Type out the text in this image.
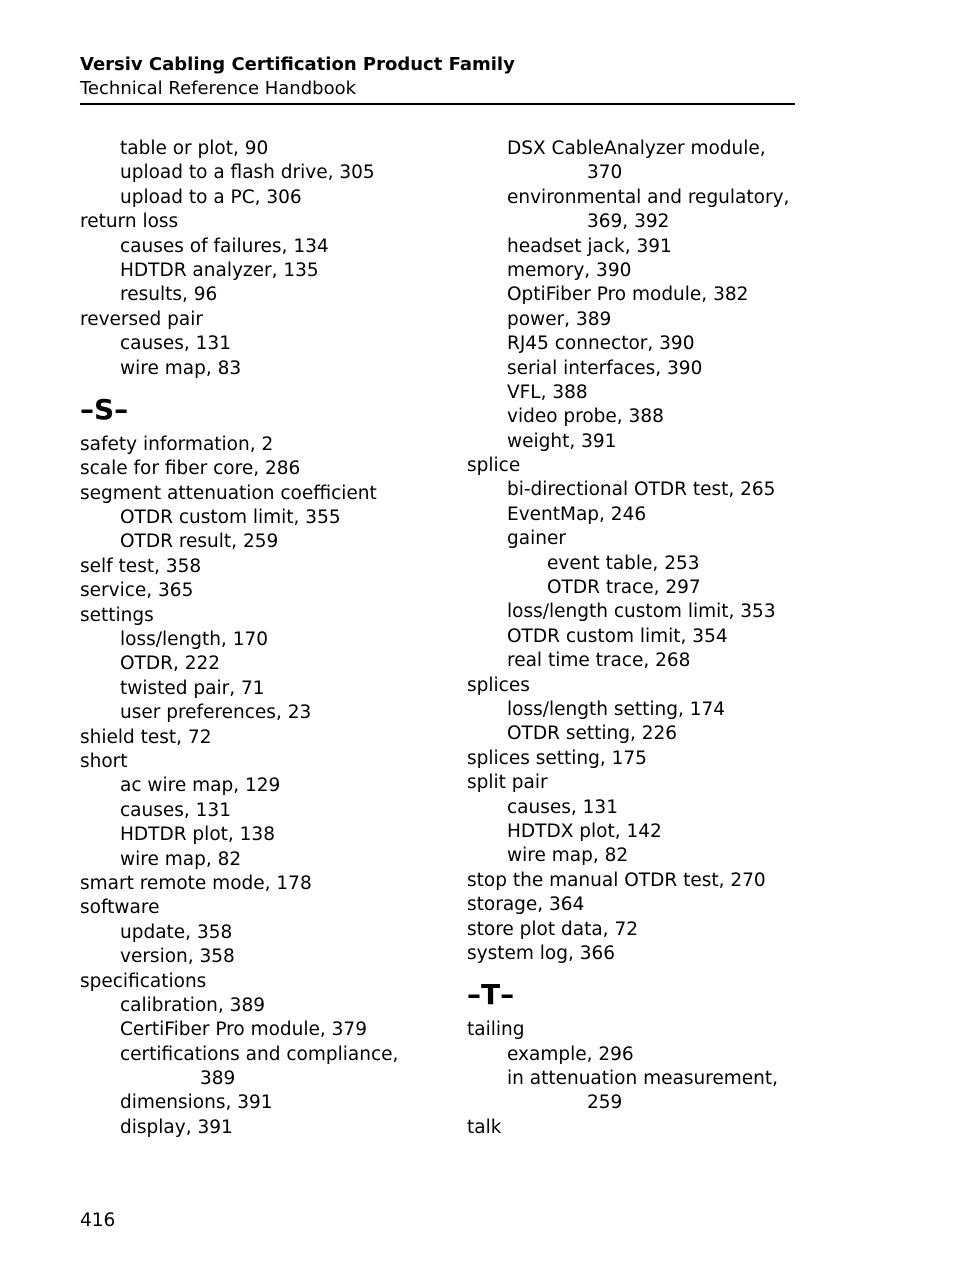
Versiv Cabling Certification Product Family
Technical Reference Handbook
table or plot, 90
upload to a flash drive, 305
upload to a PC, 306
return loss
causes of failures, 134
HDTDR analyzer, 135
results, 96
reversed pair
causes, 131
wire map, 83
–S–
safety information, 2
scale for fiber core, 286
segment attenuation coefficient
OTDR custom limit, 355
OTDR result, 259
self test, 358
service, 365
settings
loss/length, 170
OTDR, 222
twisted pair, 71
user preferences, 23
shield test, 72
short
ac wire map, 129
causes, 131
HDTDR plot, 138
wire map, 82
smart remote mode, 178
software
update, 358
version, 358
specifications
calibration, 389
CertiFiber Pro module, 379
certifications and compliance,
389
dimensions, 391
display, 391
DSX CableAnalyzer module,
370
environmental and regulatory,
369, 392
headset jack, 391
memory, 390
OptiFiber Pro module, 382
power, 389
RJ45 connector, 390
serial interfaces, 390
VFL, 388
video probe, 388
weight, 391
splice
bi-directional OTDR test, 265
EventMap, 246
gainer
event table, 253
OTDR trace, 297
loss/length custom limit, 353
OTDR custom limit, 354
real time trace, 268
splices
loss/length setting, 174
OTDR setting, 226
splices setting, 175
split pair
causes, 131
HDTDX plot, 142
wire map, 82
stop the manual OTDR test, 270
storage, 364
store plot data, 72
system log, 366
–T–
tailing
example, 296
in attenuation measurement,
259
talk
416
